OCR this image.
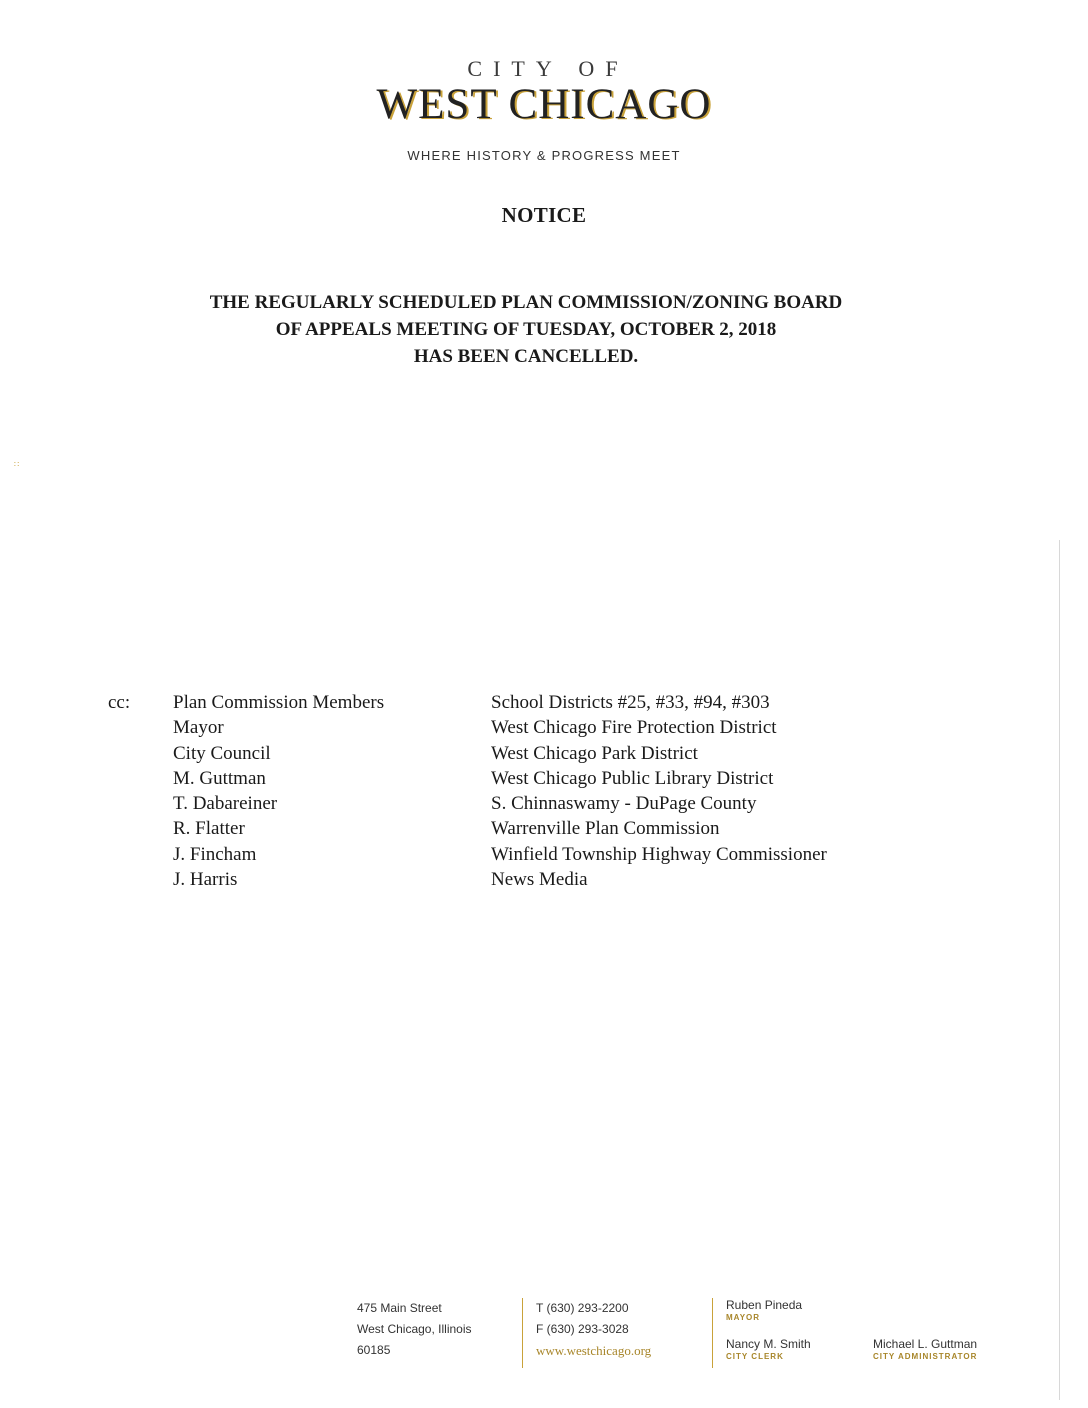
CITY OF
WEST CHICAGO
WHERE HISTORY & PROGRESS MEET
∷
NOTICE
THE REGULARLY SCHEDULED PLAN COMMISSION/ZONING BOARD
OF APPEALS MEETING OF TUESDAY, OCTOBER 2, 2018
HAS BEEN CANCELLED.
cc: Plan Commission Members
Mayor
City Council
M. Guttman
T. Dabareiner
R. Flatter
J. Fincham
J. Harris
School Districts #25, #33, #94, #303
West Chicago Fire Protection District
West Chicago Park District
West Chicago Public Library District
S. Chinnaswamy - DuPage County
Warrenville Plan Commission
Winfield Township Highway Commissioner
News Media
475 Main Street
West Chicago, Illinois
60185
T (630) 293-2200
F (630) 293-3028
www.westchicago.org
Ruben Pineda
MAYOR
Nancy M. Smith
CITY CLERK
Michael L. Guttman
CITY ADMINISTRATOR
